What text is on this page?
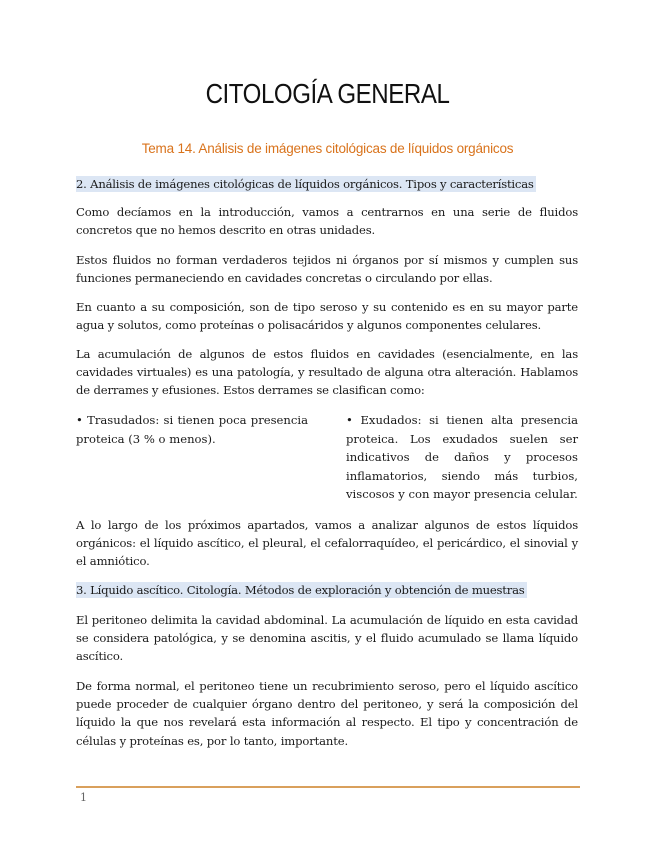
CITOLOGÍA GENERAL
Tema 14. Análisis de imágenes citológicas de líquidos orgánicos
2. Análisis de imágenes citológicas de líquidos orgánicos. Tipos y características

Como decíamos en la introducción, vamos a centrarnos en una serie de fluidos concretos que no hemos descrito en otras unidades.

Estos fluidos no forman verdaderos tejidos ni órganos por sí mismos y cumplen sus funciones permaneciendo en cavidades concretas o circulando por ellas.

En cuanto a su composición, son de tipo seroso y su contenido es en su mayor parte agua y solutos, como proteínas o polisacáridos y algunos componentes celulares.

La acumulación de algunos de estos fluidos en cavidades (esencialmente, en las cavidades virtuales) es una patología, y resultado de alguna otra alteración. Hablamos de derrames y efusiones. Estos derrames se clasifican como:

• Trasudados: si tienen poca presencia proteica (3 % o menos).

• Exudados: si tienen alta presencia proteica. Los exudados suelen ser indicativos de daños y procesos inflamatorios, siendo más turbios, viscosos y con mayor presencia celular.

A lo largo de los próximos apartados, vamos a analizar algunos de estos líquidos orgánicos: el líquido ascítico, el pleural, el cefalorraquídeo, el pericárdico, el sinovial y el amniótico.

3. Líquido ascítico. Citología. Métodos de exploración y obtención de muestras

El peritoneo delimita la cavidad abdominal. La acumulación de líquido en esta cavidad se considera patológica, y se denomina ascitis, y el fluido acumulado se llama líquido ascítico.

De forma normal, el peritoneo tiene un recubrimiento seroso, pero el líquido ascítico puede proceder de cualquier órgano dentro del peritoneo, y será la composición del líquido la que nos revelará esta información al respecto. El tipo y concentración de células y proteínas es, por lo tanto, importante.

1
